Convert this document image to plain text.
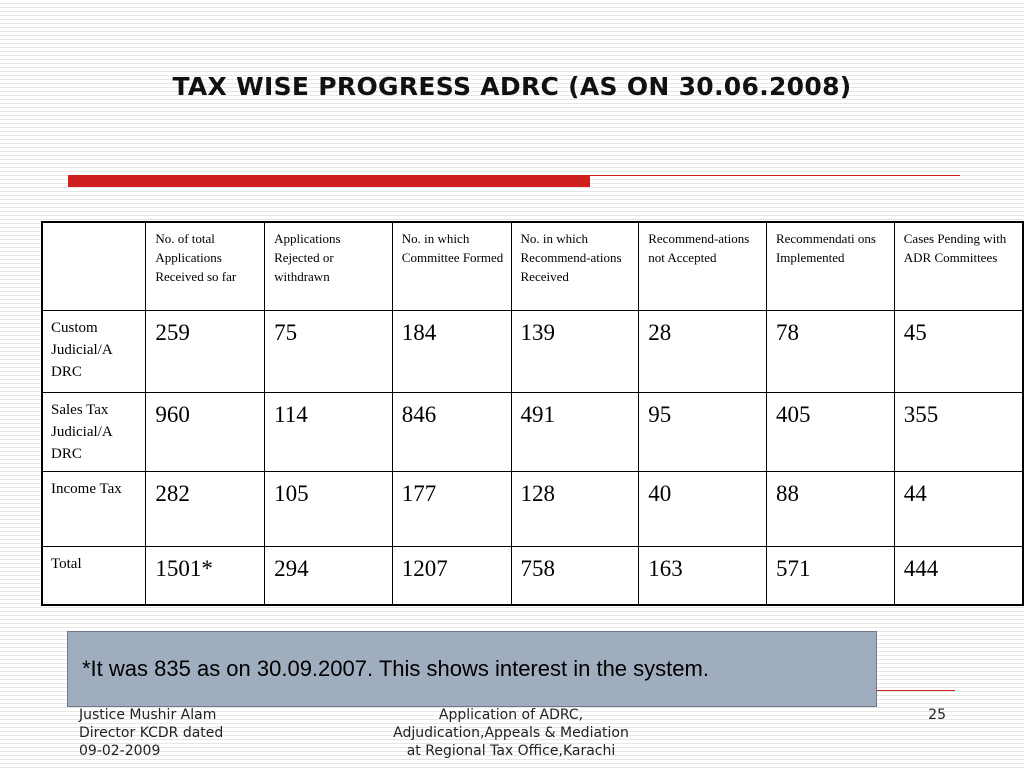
TAX WISE PROGRESS ADRC (AS ON 30.06.2008)
	No. of total Applications Received so far	Applications Rejected or withdrawn	No. in which Committee Formed	No. in which Recommend-ations Received	Recommend-ations not Accepted	Recommendati ons Implemented	Cases Pending with ADR Committees
Custom Judicial/A DRC	259	75	184	139	28	78	45
Sales Tax Judicial/A DRC	960	114	846	491	95	405	355
Income Tax	282	105	177	128	40	88	44
Total	1501*	294	1207	758	163	571	444
*It was 835 as on 30.09.2007. This shows interest in the system.
Justice Mushir Alam
Director KCDR dated
09-02-2009
Application of ADRC,
Adjudication,Appeals & Mediation
at Regional Tax Office,Karachi
25
